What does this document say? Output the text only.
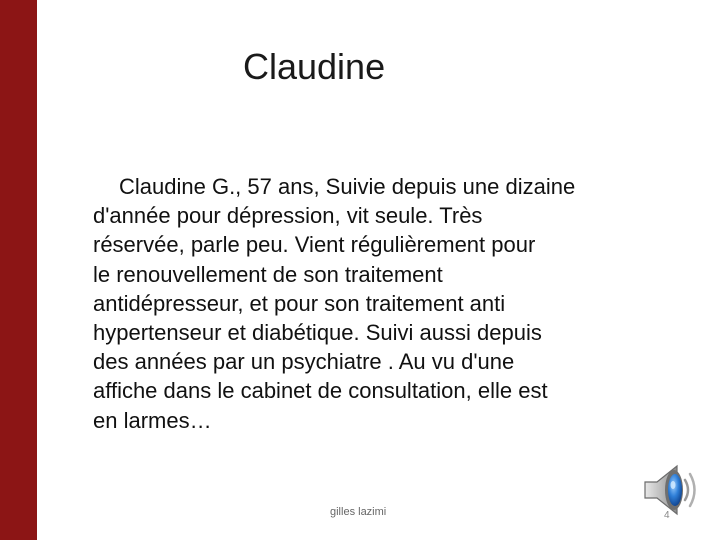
Claudine
Claudine G., 57 ans, Suivie depuis une dizaine
d'année pour dépression, vit seule. Très
réservée, parle peu. Vient régulièrement pour
le renouvellement de son traitement
antidépresseur, et pour son traitement anti
hypertenseur et diabétique. Suivi aussi depuis
des années par un psychiatre . Au vu d'une
affiche dans le cabinet de consultation, elle est
en larmes…
gilles lazimi	4
